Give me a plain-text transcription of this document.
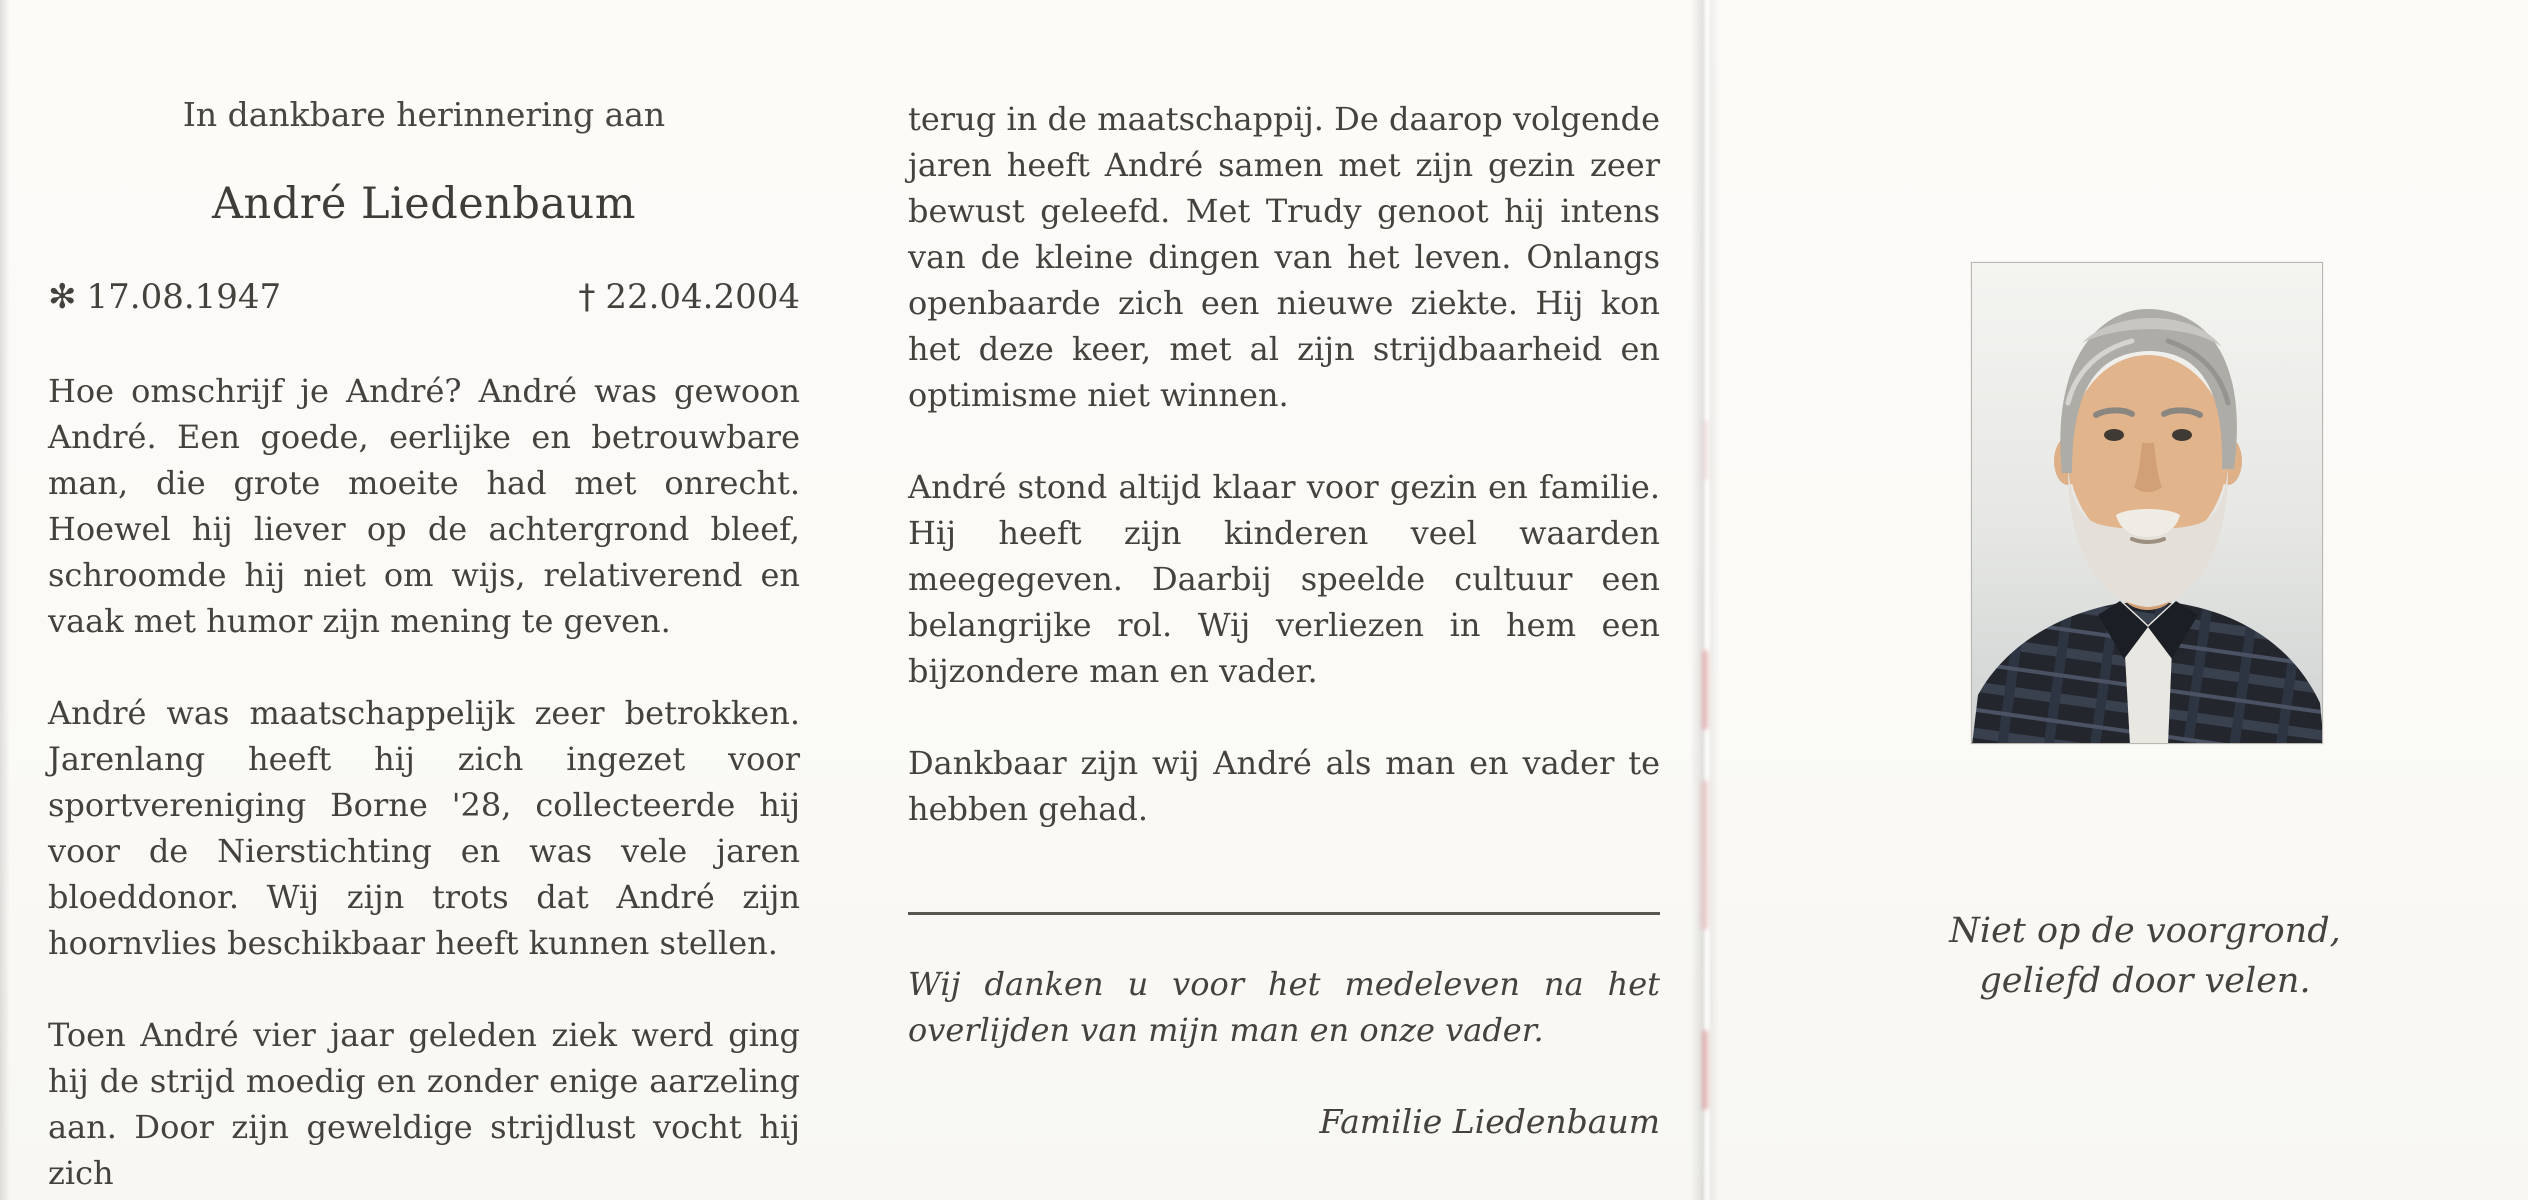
In dankbare herinnering aan
André Liedenbaum
✻ 17.08.1947	† 22.04.2004

Hoe omschrijf je André? André was gewoon André. Een goede, eerlijke en betrouwbare man, die grote moeite had met onrecht. Hoewel hij liever op de achtergrond bleef, schroomde hij niet om wijs, relativerend en vaak met humor zijn mening te geven.

André was maatschappelijk zeer betrokken. Jarenlang heeft hij zich ingezet voor sportvereniging Borne '28, collecteerde hij voor de Nierstichting en was vele jaren bloeddonor. Wij zijn trots dat André zijn hoornvlies beschikbaar heeft kunnen stellen.

Toen André vier jaar geleden ziek werd ging hij de strijd moedig en zonder enige aarzeling aan. Door zijn geweldige strijdlust vocht hij zich

terug in de maatschappij. De daarop volgende jaren heeft André samen met zijn gezin zeer bewust geleefd. Met Trudy genoot hij intens van de kleine dingen van het leven. Onlangs openbaarde zich een nieuwe ziekte. Hij kon het deze keer, met al zijn strijdbaarheid en optimisme niet winnen.

André stond altijd klaar voor gezin en familie. Hij heeft zijn kinderen veel waarden meegegeven. Daarbij speelde cultuur een belangrijke rol. Wij verliezen in hem een bijzondere man en vader.

Dankbaar zijn wij André als man en vader te hebben gehad.

Wij danken u voor het medeleven na het overlijden van mijn man en onze vader.

Familie Liedenbaum

Niet op de voorgrond,
geliefd door velen.
